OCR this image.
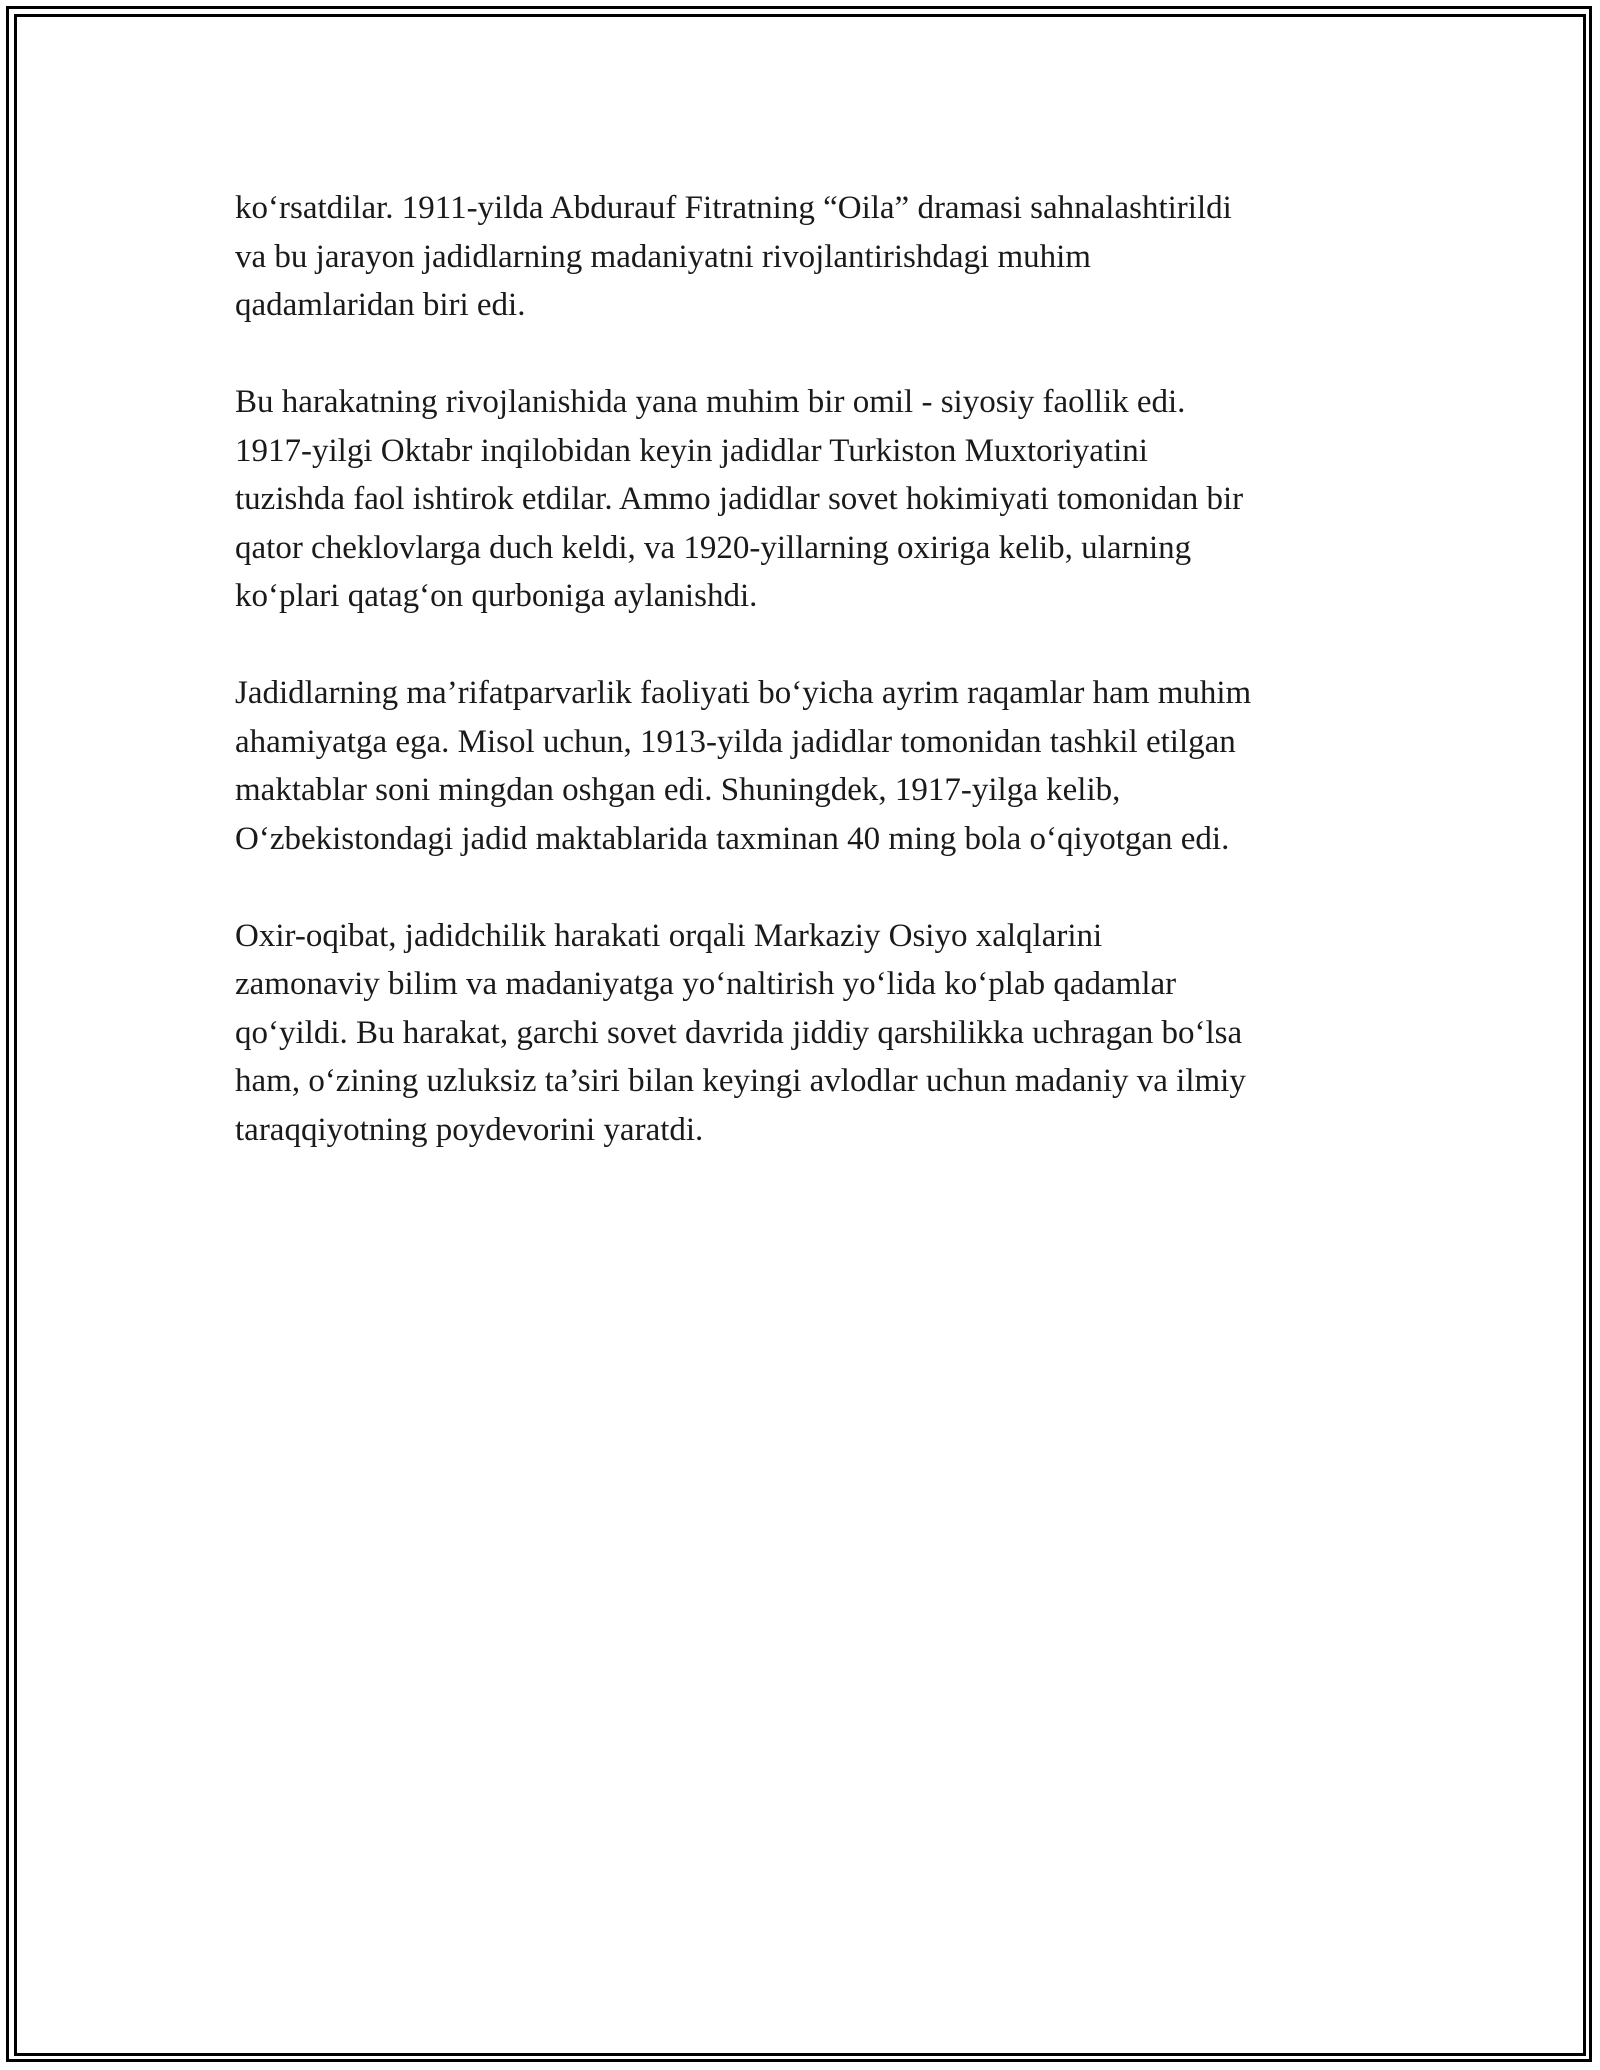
ko‘rsatdilar. 1911-yilda Abdurauf Fitratning “Oila” dramasi sahnalashtirildi
va bu jarayon jadidlarning madaniyatni rivojlantirishdagi muhim
qadamlaridan biri edi.

Bu harakatning rivojlanishida yana muhim bir omil - siyosiy faollik edi.
1917-yilgi Oktabr inqilobidan keyin jadidlar Turkiston Muxtoriyatini
tuzishda faol ishtirok etdilar. Ammo jadidlar sovet hokimiyati tomonidan bir
qator cheklovlarga duch keldi, va 1920-yillarning oxiriga kelib, ularning
ko‘plari qatag‘on qurboniga aylanishdi.

Jadidlarning ma’rifatparvarlik faoliyati bo‘yicha ayrim raqamlar ham muhim
ahamiyatga ega. Misol uchun, 1913-yilda jadidlar tomonidan tashkil etilgan
maktablar soni mingdan oshgan edi. Shuningdek, 1917-yilga kelib,
O‘zbekistondagi jadid maktablarida taxminan 40 ming bola o‘qiyotgan edi.

Oxir-oqibat, jadidchilik harakati orqali Markaziy Osiyo xalqlarini
zamonaviy bilim va madaniyatga yo‘naltirish yo‘lida ko‘plab qadamlar
qo‘yildi. Bu harakat, garchi sovet davrida jiddiy qarshilikka uchragan bo‘lsa
ham, o‘zining uzluksiz ta’siri bilan keyingi avlodlar uchun madaniy va ilmiy
taraqqiyotning poydevorini yaratdi.
